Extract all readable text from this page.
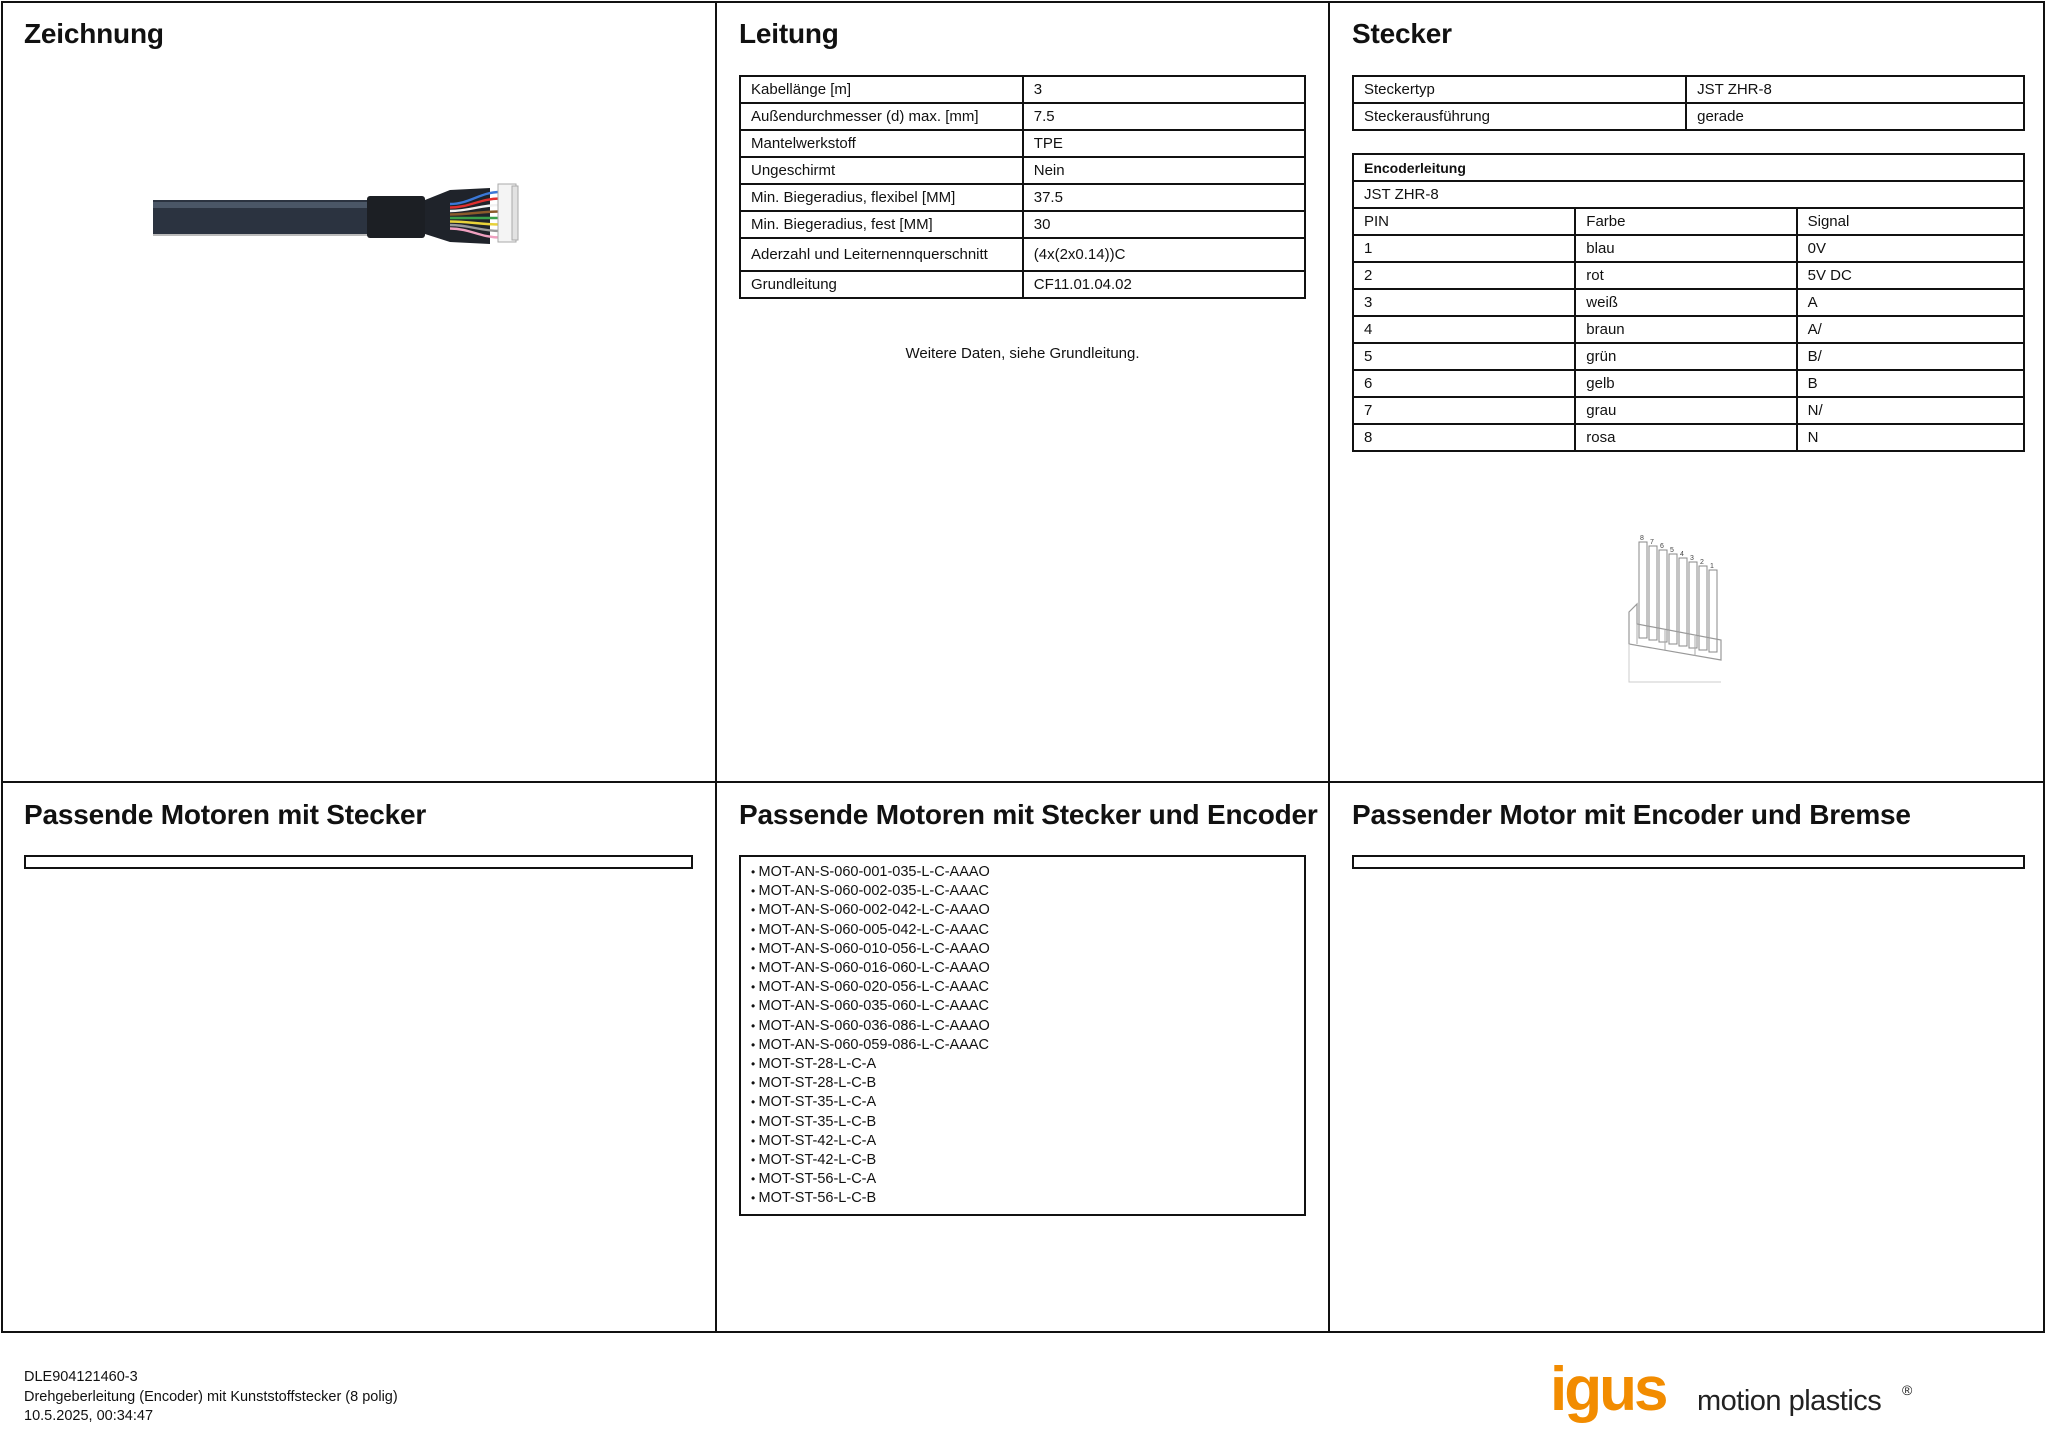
Zeichnung	Leitung
Kabellänge [m]	3
Außendurchmesser (d) max. [mm]	7.5
Mantelwerkstoff	TPE
Ungeschirmt	Nein
Min. Biegeradius, flexibel [MM]	37.5
Min. Biegeradius, fest [MM]	30
Aderzahl und Leiternennquerschnitt	(4x(2x0.14))C
Grundleitung	CF11.01.04.02
Weitere Daten, siehe Grundleitung.
Stecker
Steckertyp	JST ZHR-8
Steckerausführung	gerade
Encoderleitung		
JST ZHR-8		
PIN	Farbe	Signal
1	blau	0V
2	rot	5V DC
3	weiß	A
4	braun	A/
5	grün	B/
6	gelb	B
7	grau	N/
8	rosa	N
8
7
6
5
4
3
2
1
Passende Motoren mit Stecker	Passende Motoren mit Stecker und Encoder
• MOT-AN-S-060-001-035-L-C-AAAO
• MOT-AN-S-060-002-035-L-C-AAAC
• MOT-AN-S-060-002-042-L-C-AAAO
• MOT-AN-S-060-005-042-L-C-AAAC
• MOT-AN-S-060-010-056-L-C-AAAO
• MOT-AN-S-060-016-060-L-C-AAAO
• MOT-AN-S-060-020-056-L-C-AAAC
• MOT-AN-S-060-035-060-L-C-AAAC
• MOT-AN-S-060-036-086-L-C-AAAO
• MOT-AN-S-060-059-086-L-C-AAAC
• MOT-ST-28-L-C-A
• MOT-ST-28-L-C-B
• MOT-ST-35-L-C-A
• MOT-ST-35-L-C-B
• MOT-ST-42-L-C-A
• MOT-ST-42-L-C-B
• MOT-ST-56-L-C-A
• MOT-ST-56-L-C-B
Passender Motor mit Encoder und Bremse
DLE904121460-3
Drehgeberleitung (Encoder) mit Kunststoffstecker (8 polig)
10.5.2025, 00:34:47	igus motion plastics ®
